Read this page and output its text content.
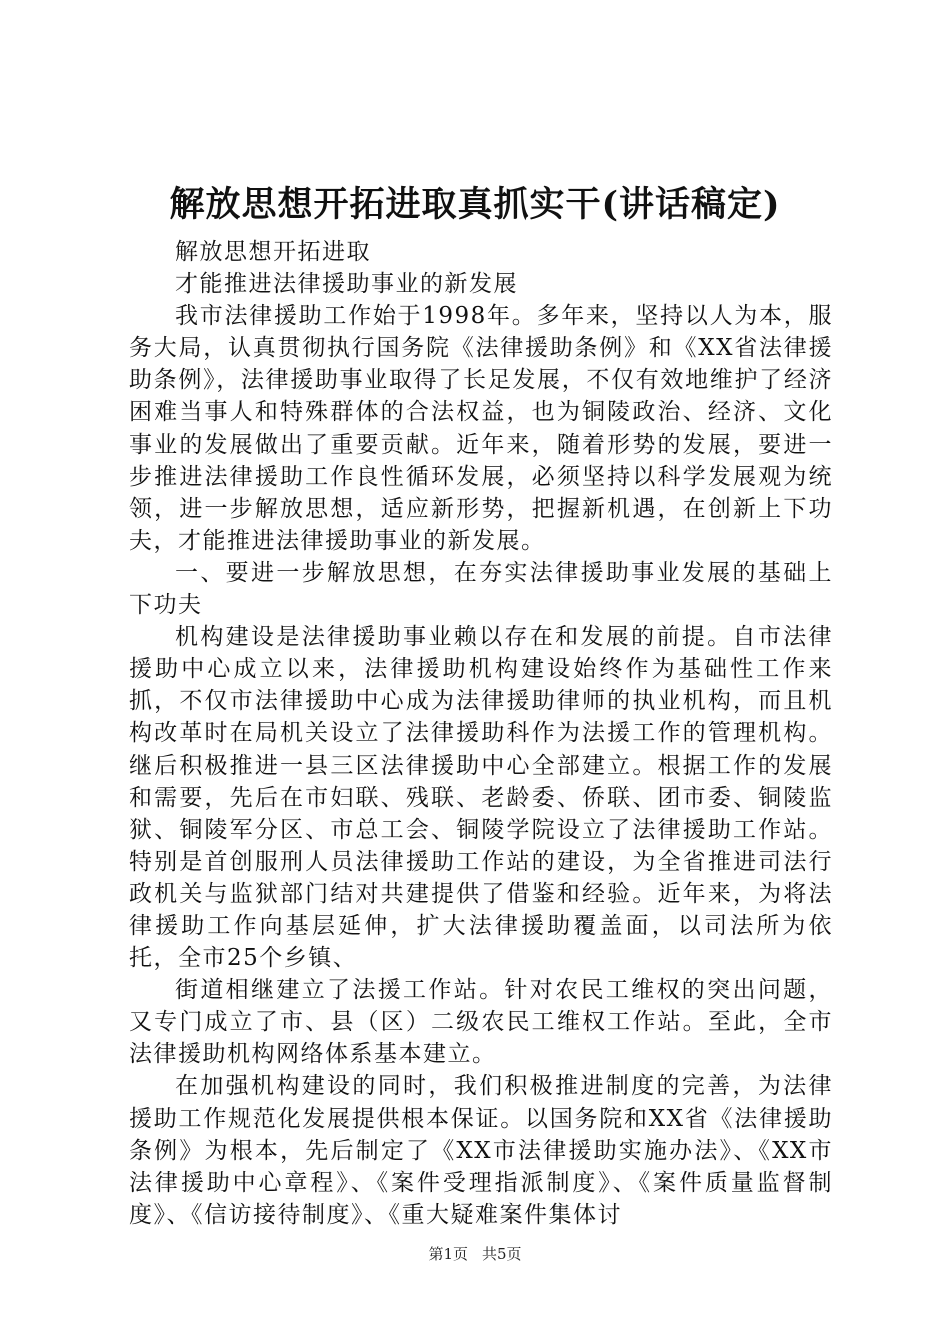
解放思想开拓进取真抓实干(讲话稿定)

解放思想开拓进取

才能推进法律援助事业的新发展

我市法律援助工作始于1998年。多年来，坚持以人为本，服务大局，认真贯彻执行国务院《法律援助条例》和《XX省法律援助条例》，法律援助事业取得了长足发展，不仅有效地维护了经济困难当事人和特殊群体的合法权益，也为铜陵政治、经济、文化事业的发展做出了重要贡献。近年来，随着形势的发展，要进一步推进法律援助工作良性循环发展，必须坚持以科学发展观为统领，进一步解放思想，适应新形势，把握新机遇，在创新上下功夫，才能推进法律援助事业的新发展。

一、要进一步解放思想，在夯实法律援助事业发展的基础上下功夫

机构建设是法律援助事业赖以存在和发展的前提。自市法律援助中心成立以来，法律援助机构建设始终作为基础性工作来抓，不仅市法律援助中心成为法律援助律师的执业机构，而且机构改革时在局机关设立了法律援助科作为法援工作的管理机构。继后积极推进一县三区法律援助中心全部建立。根据工作的发展和需要，先后在市妇联、残联、老龄委、侨联、团市委、铜陵监狱、铜陵军分区、市总工会、铜陵学院设立了法律援助工作站。特别是首创服刑人员法律援助工作站的建设，为全省推进司法行政机关与监狱部门结对共建提供了借鉴和经验。近年来，为将法律援助工作向基层延伸，扩大法律援助覆盖面，以司法所为依托，全市25个乡镇、

街道相继建立了法援工作站。针对农民工维权的突出问题，又专门成立了市、县（区）二级农民工维权工作站。至此，全市法律援助机构网络体系基本建立。

在加强机构建设的同时，我们积极推进制度的完善，为法律援助工作规范化发展提供根本保证。以国务院和XX省《法律援助条例》为根本，先后制定了《XX市法律援助实施办法》、《XX市法律援助中心章程》、《案件受理指派制度》、《案件质量监督制度》、《信访接待制度》、《重大疑难案件集体讨

第1页 共5页
